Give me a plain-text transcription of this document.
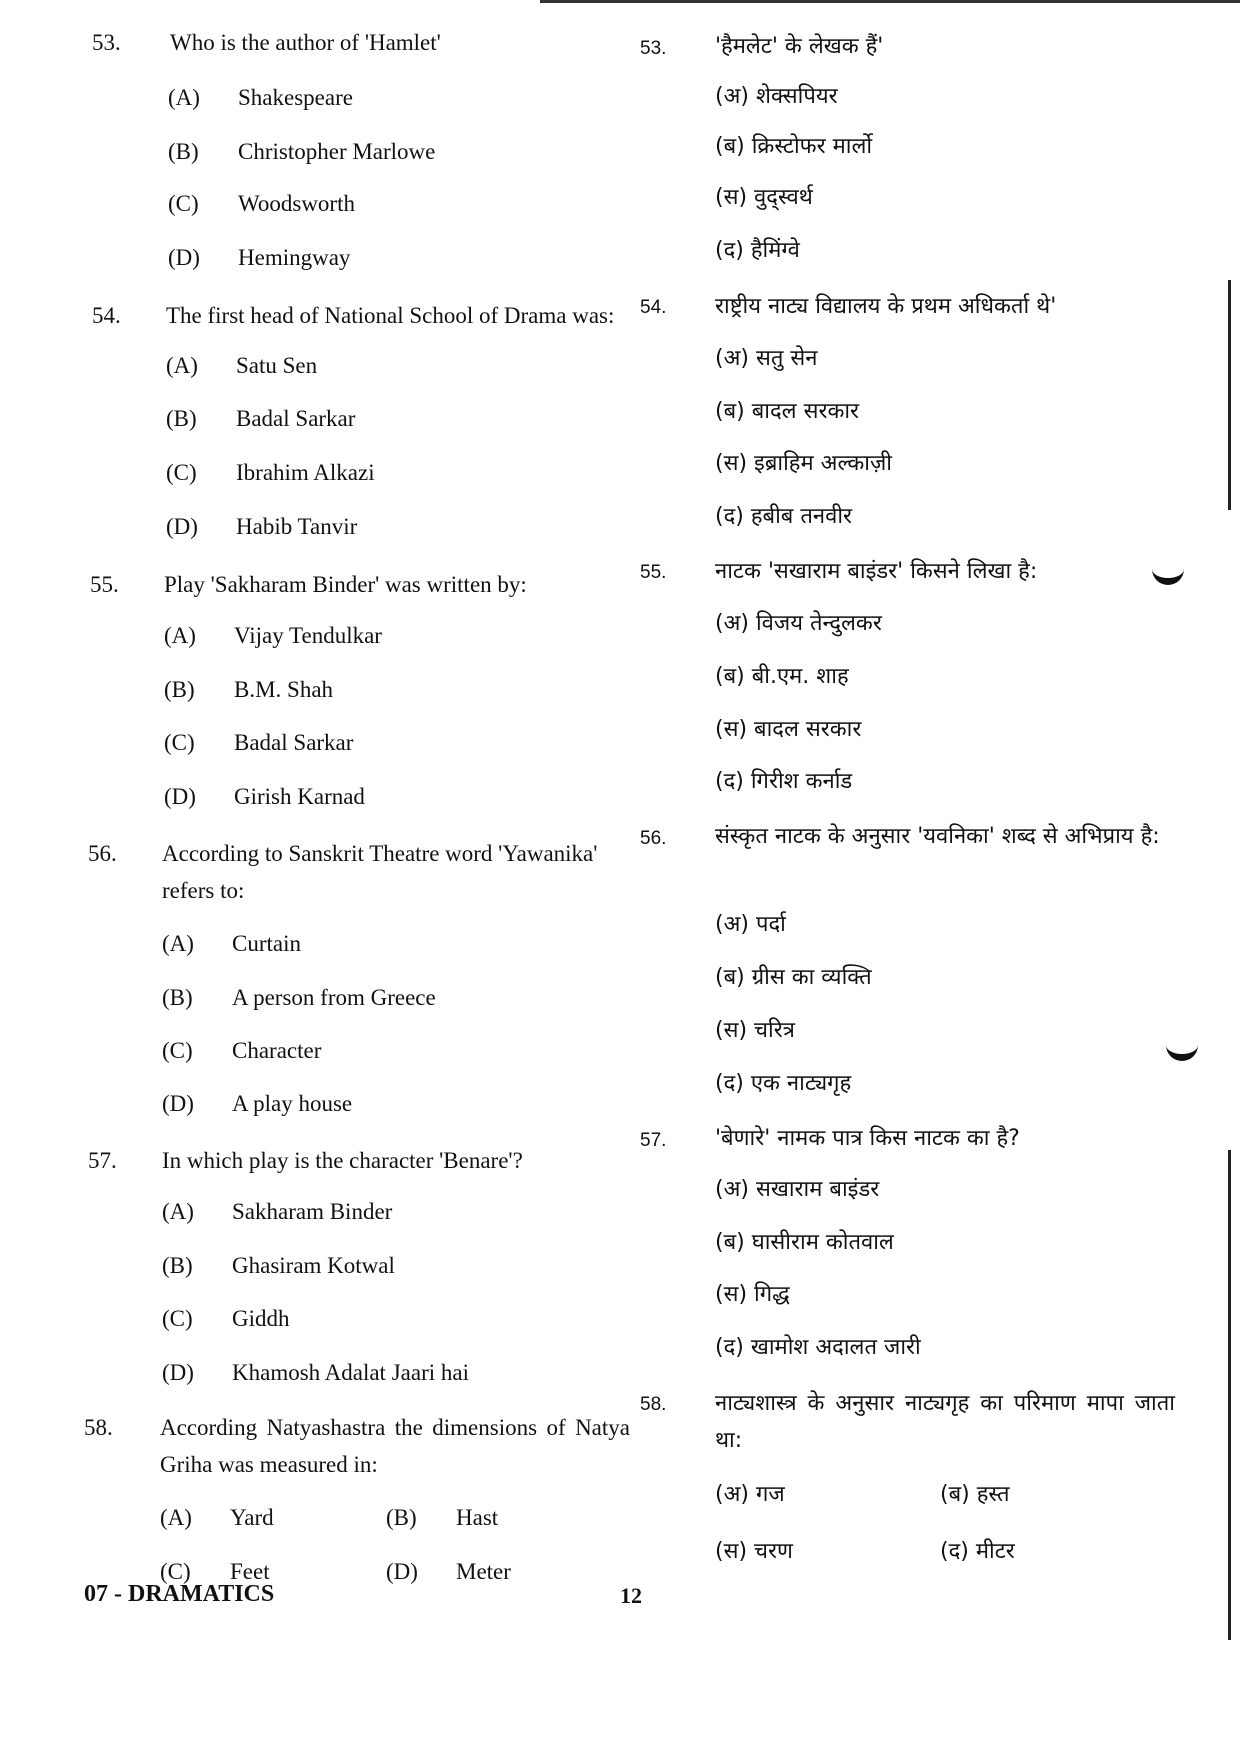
53. Who is the author of 'Hamlet'
(A) Shakespeare
(B) Christopher Marlowe
(C) Woodsworth
(D) Hemingway
54. The first head of National School of Drama was:
(A) Satu Sen
(B) Badal Sarkar
(C) Ibrahim Alkazi
(D) Habib Tanvir
55. Play 'Sakharam Binder' was written by:
(A) Vijay Tendulkar
(B) B.M. Shah
(C) Badal Sarkar
(D) Girish Karnad
56. According to Sanskrit Theatre word 'Yawanika' refers to:
(A) Curtain
(B) A person from Greece
(C) Character
(D) A play house
57. In which play is the character 'Benare'?
(A) Sakharam Binder
(B) Ghasiram Kotwal
(C) Giddh
(D) Khamosh Adalat Jaari hai
58. According Natyashastra the dimensions of Natya Griha was measured in:
(A) Yard	(B) Hast
(C) Feet	(D) Meter
53. 'हैमलेट' के लेखक हैं'
(अ) शेक्सपियर
(ब) क्रिस्टोफर मार्लो
(स) वुद्स्वर्थ
(द) हैमिंग्वे
54. राष्ट्रीय नाट्य विद्यालय के प्रथम अधिकर्ता थे'
(अ) सतु सेन
(ब) बादल सरकार
(स) इब्राहिम अल्काज़ी
(द) हबीब तनवीर
55. नाटक 'सखाराम बाइंडर' किसने लिखा है:
(अ) विजय तेन्दुलकर
(ब) बी.एम. शाह
(स) बादल सरकार
(द) गिरीश कर्नाड
56. संस्कृत नाटक के अनुसार 'यवनिका' शब्द से अभिप्राय है:
(अ) पर्दा
(ब) ग्रीस का व्यक्ति
(स) चरित्र
(द) एक नाट्यगृह
57. 'बेणारे' नामक पात्र किस नाटक का है?
(अ) सखाराम बाइंडर
(ब) घासीराम कोतवाल
(स) गिद्ध
(द) खामोश अदालत जारी
58. नाट्यशास्त्र के अनुसार नाट्यगृह का परिमाण मापा जाता था:
(अ) गज	(ब) हस्त
(स) चरण	(द) मीटर
07 - DRAMATICS	12
